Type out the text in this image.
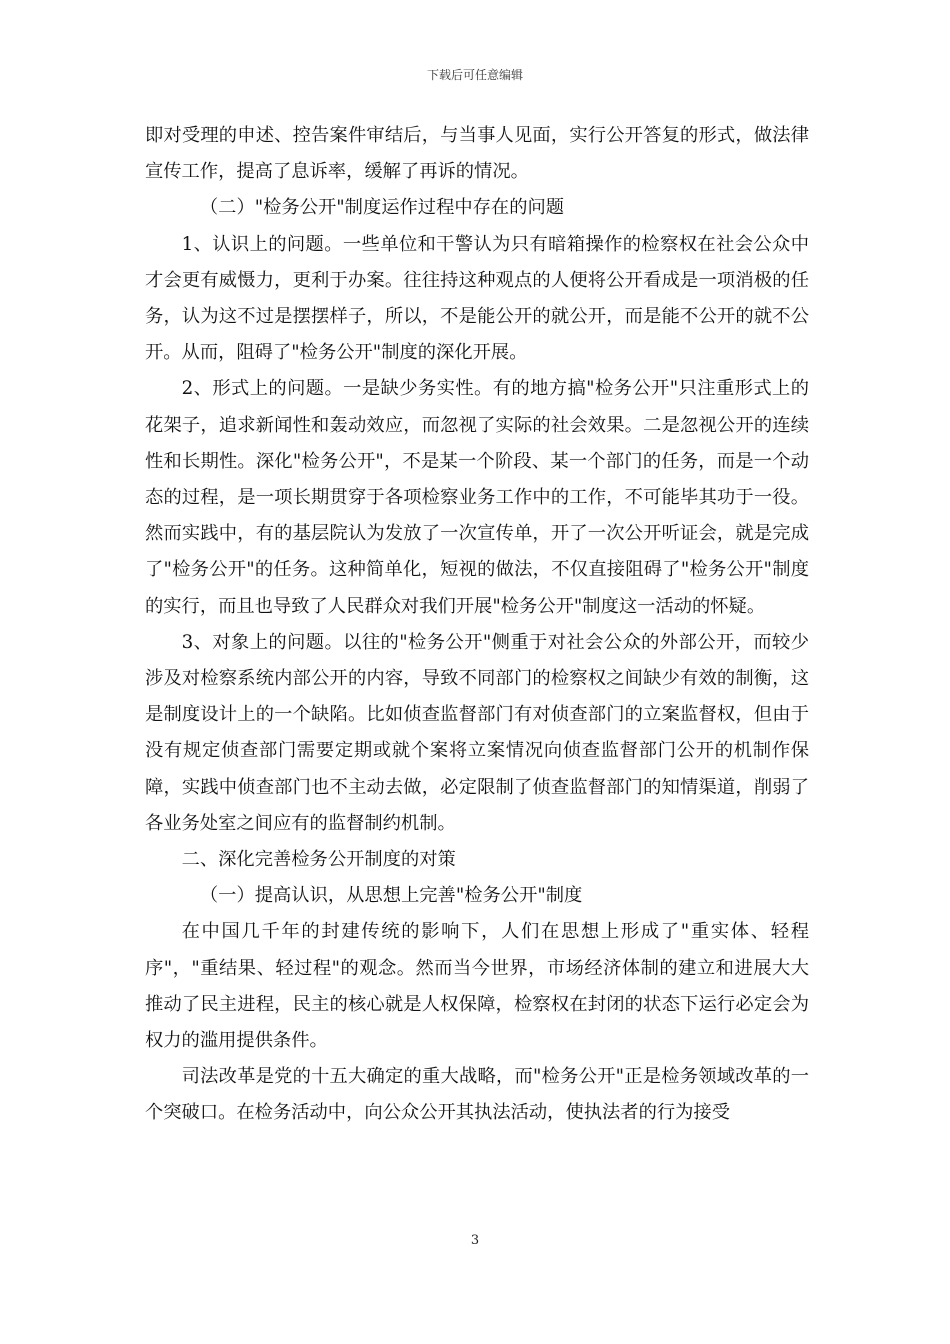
下载后可任意编辑

即对受理的申述、控告案件审结后，与当事人见面，实行公开答复的形式，做法律宣传工作，提高了息诉率，缓解了再诉的情况。

（二）"检务公开"制度运作过程中存在的问题

1、认识上的问题。一些单位和干警认为只有暗箱操作的检察权在社会公众中才会更有威慑力，更利于办案。往往持这种观点的人便将公开看成是一项消极的任务，认为这不过是摆摆样子，所以，不是能公开的就公开，而是能不公开的就不公开。从而，阻碍了"检务公开"制度的深化开展。

2、形式上的问题。一是缺少务实性。有的地方搞"检务公开"只注重形式上的花架子，追求新闻性和轰动效应，而忽视了实际的社会效果。二是忽视公开的连续性和长期性。深化"检务公开"，不是某一个阶段、某一个部门的任务，而是一个动态的过程，是一项长期贯穿于各项检察业务工作中的工作，不可能毕其功于一役。然而实践中，有的基层院认为发放了一次宣传单，开了一次公开听证会，就是完成了"检务公开"的任务。这种简单化，短视的做法，不仅直接阻碍了"检务公开"制度的实行，而且也导致了人民群众对我们开展"检务公开"制度这一活动的怀疑。

3、对象上的问题。以往的"检务公开"侧重于对社会公众的外部公开，而较少涉及对检察系统内部公开的内容，导致不同部门的检察权之间缺少有效的制衡，这是制度设计上的一个缺陷。比如侦查监督部门有对侦查部门的立案监督权，但由于没有规定侦查部门需要定期或就个案将立案情况向侦查监督部门公开的机制作保障，实践中侦查部门也不主动去做，必定限制了侦查监督部门的知情渠道，削弱了各业务处室之间应有的监督制约机制。

二、深化完善检务公开制度的对策

（一）提高认识，从思想上完善"检务公开"制度

在中国几千年的封建传统的影响下，人们在思想上形成了"重实体、轻程序"，"重结果、轻过程"的观念。然而当今世界，市场经济体制的建立和进展大大推动了民主进程，民主的核心就是人权保障，检察权在封闭的状态下运行必定会为权力的滥用提供条件。

司法改革是党的十五大确定的重大战略，而"检务公开"正是检务领域改革的一个突破口。在检务活动中，向公众公开其执法活动，使执法者的行为接受

3
